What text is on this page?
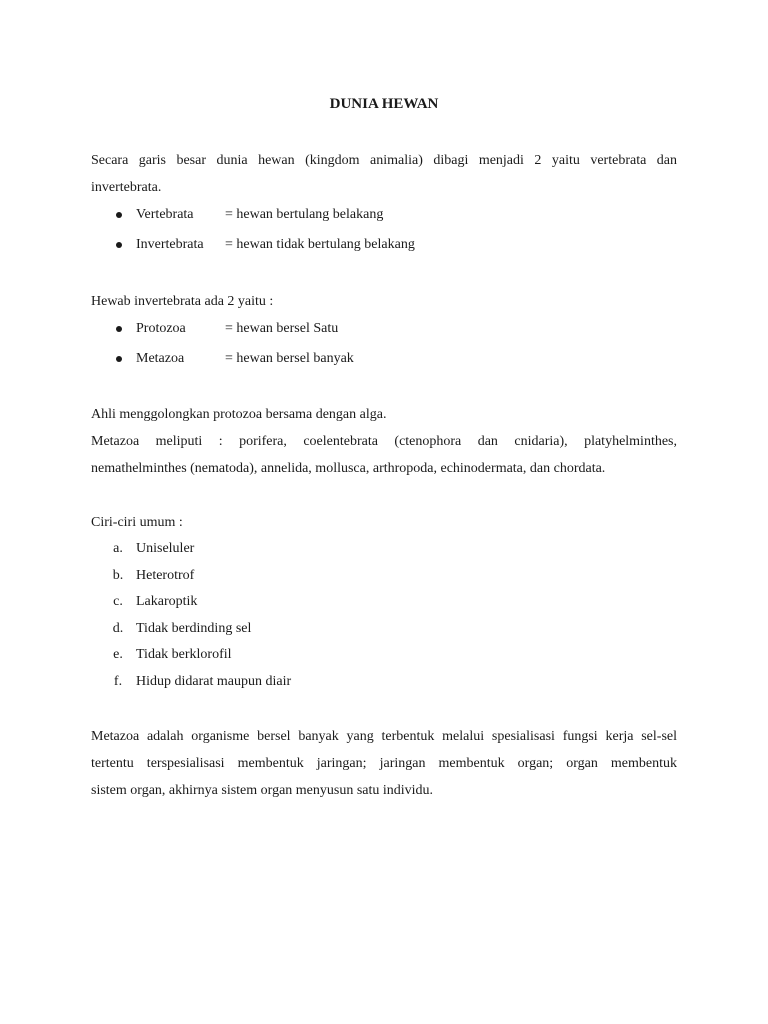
DUNIA HEWAN
Secara garis besar dunia hewan (kingdom animalia) dibagi menjadi 2 yaitu vertebrata dan
invertebrata.
Vertebrata = hewan bertulang belakang
Invertebrata = hewan tidak bertulang belakang
Hewab invertebrata ada 2 yaitu :
Protozoa	= hewan bersel Satu
Metazoa	= hewan bersel banyak
Ahli menggolongkan protozoa bersama dengan alga.
Metazoa meliputi : porifera, coelentebrata (ctenophora dan cnidaria), platyhelminthes,
nemathelminthes (nematoda), annelida, mollusca, arthropoda, echinodermata, dan chordata.
Ciri-ciri umum :
a. Uniseluler
b. Heterotrof
c. Lakaroptik
d. Tidak berdinding sel
e. Tidak berklorofil
f. Hidup didarat maupun diair
Metazoa adalah organisme bersel banyak yang terbentuk melalui spesialisasi fungsi kerja sel-sel
tertentu terspesialisasi membentuk jaringan; jaringan membentuk organ; organ membentuk
sistem organ, akhirnya sistem organ menyusun satu individu.
